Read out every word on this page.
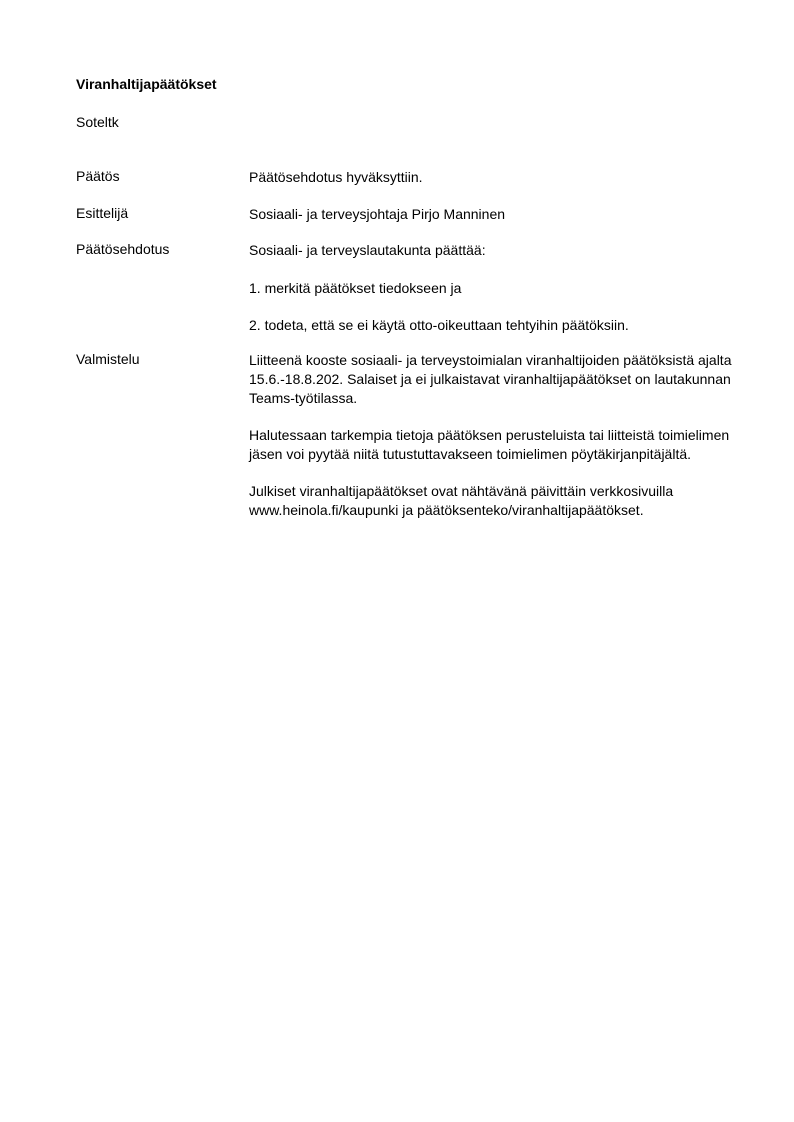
Viranhaltijapäätökset
Soteltk
Päätös	Päätösehdotus hyväksyttiin.
Esittelijä	Sosiaali- ja terveysjohtaja Pirjo Manninen
Päätösehdotus	Sosiaali- ja terveyslautakunta päättää:
1. merkitä päätökset tiedokseen ja
2. todeta, että se ei käytä otto-oikeuttaan tehtyihin päätöksiin.
Valmistelu	Liitteenä kooste sosiaali- ja terveystoimialan viranhaltijoiden päätöksistä ajalta 15.6.-18.8.202. Salaiset ja ei julkaistavat viranhaltijapäätökset on lautakunnan Teams-työtilassa.

Halutessaan tarkempia tietoja päätöksen perusteluista tai liitteistä toimielimen jäsen voi pyytää niitä tutustuttavakseen toimielimen pöytäkirjanpitäjältä.

Julkiset viranhaltijapäätökset ovat nähtävänä päivittäin verkkosivuilla www.heinola.fi/kaupunki ja päätöksenteko/viranhaltijapäätökset.
